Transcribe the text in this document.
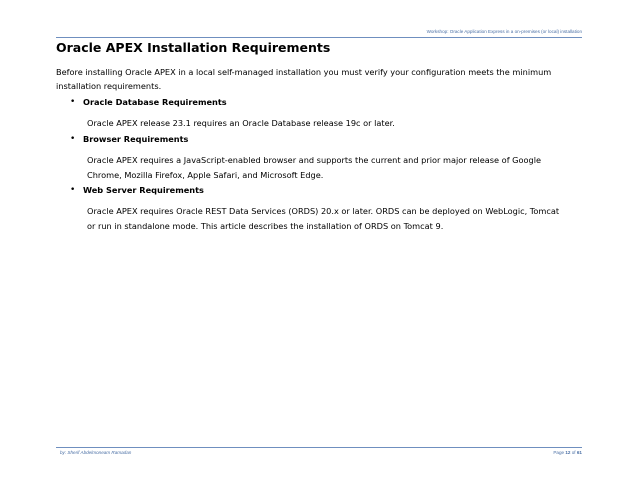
Workshop: Oracle Application Express in a on-premises (or local) installation
Oracle APEX Installation Requirements

Before installing Oracle APEX in a local self-managed installation you must verify your configuration meets the minimum installation requirements.

• Oracle Database Requirements
Oracle APEX release 23.1 requires an Oracle Database release 19c or later.
• Browser Requirements
Oracle APEX requires a JavaScript-enabled browser and supports the current and prior major release of Google Chrome, Mozilla Firefox, Apple Safari, and Microsoft Edge.
• Web Server Requirements
Oracle APEX requires Oracle REST Data Services (ORDS) 20.x or later. ORDS can be deployed on WebLogic, Tomcat or run in standalone mode. This article describes the installation of ORDS on Tomcat 9.
by: Sherif Abdelmoneam Ramadan	Page 12 of 61
